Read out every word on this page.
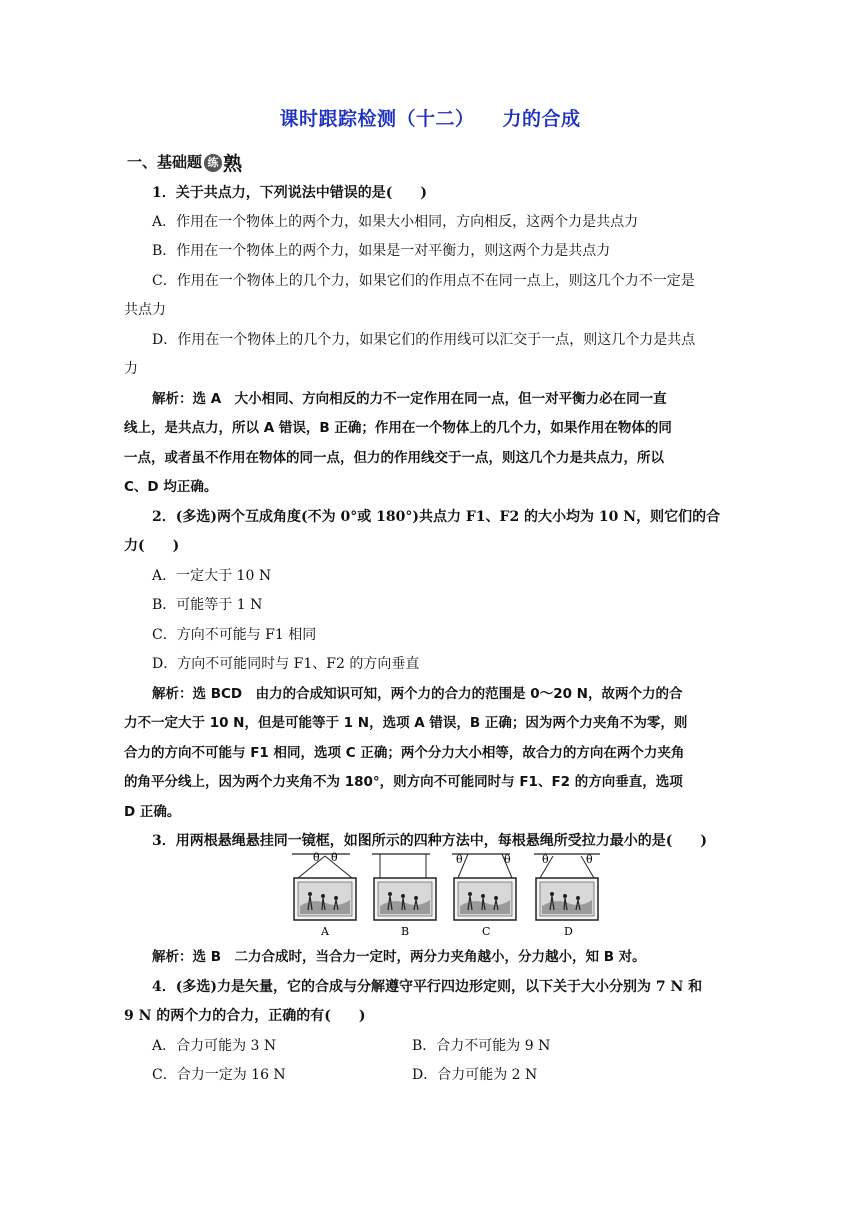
课时跟踪检测（十二） 力的合成
一、基础题 练 熟
1．关于共点力，下列说法中错误的是(　　)
A．作用在一个物体上的两个力，如果大小相同，方向相反，这两个力是共点力
B．作用在一个物体上的两个力，如果是一对平衡力，则这两个力是共点力
C．作用在一个物体上的几个力，如果它们的作用点不在同一点上，则这几个力不一定是
共点力
D．作用在一个物体上的几个力，如果它们的作用线可以汇交于一点，则这几个力是共点
力
解析：选 A　大小相同、方向相反的力不一定作用在同一点，但一对平衡力必在同一直
线上，是共点力，所以 A 错误，B 正确；作用在一个物体上的几个力，如果作用在物体的同
一点，或者虽不作用在物体的同一点，但力的作用线交于一点，则这几个力是共点力，所以
C、D 均正确。
2．(多选)两个互成角度(不为 0°或 180°)共点力 F1、F2 的大小均为 10 N，则它们的合
力(　　)
A．一定大于 10 N
B．可能等于 1 N
C．方向不可能与 F1 相同
D．方向不可能同时与 F1、F2 的方向垂直
解析：选 BCD　由力的合成知识可知，两个力的合力的范围是 0～20 N，故两个力的合
力不一定大于 10 N，但是可能等于 1 N，选项 A 错误，B 正确；因为两个力夹角不为零，则
合力的方向不可能与 F1 相同，选项 C 正确；两个分力大小相等，故合力的方向在两个力夹角
的角平分线上，因为两个力夹角不为 180°，则方向不可能同时与 F1、F2 的方向垂直，选项
D 正确。
3．用两根悬绳悬挂同一镜框，如图所示的四种方法中，每根悬绳所受拉力最小的是(　　)
θ θ
A	B
θ	θ
C
θ	θ
D
解析：选 B　二力合成时，当合力一定时，两分力夹角越小，分力越小，知 B 对。
4．(多选)力是矢量，它的合成与分解遵守平行四边形定则，以下关于大小分别为 7 N 和
9 N 的两个力的合力，正确的有(　　)
A．合力可能为 3 N	B．合力不可能为 9 N
C．合力一定为 16 N	D．合力可能为 2 N
